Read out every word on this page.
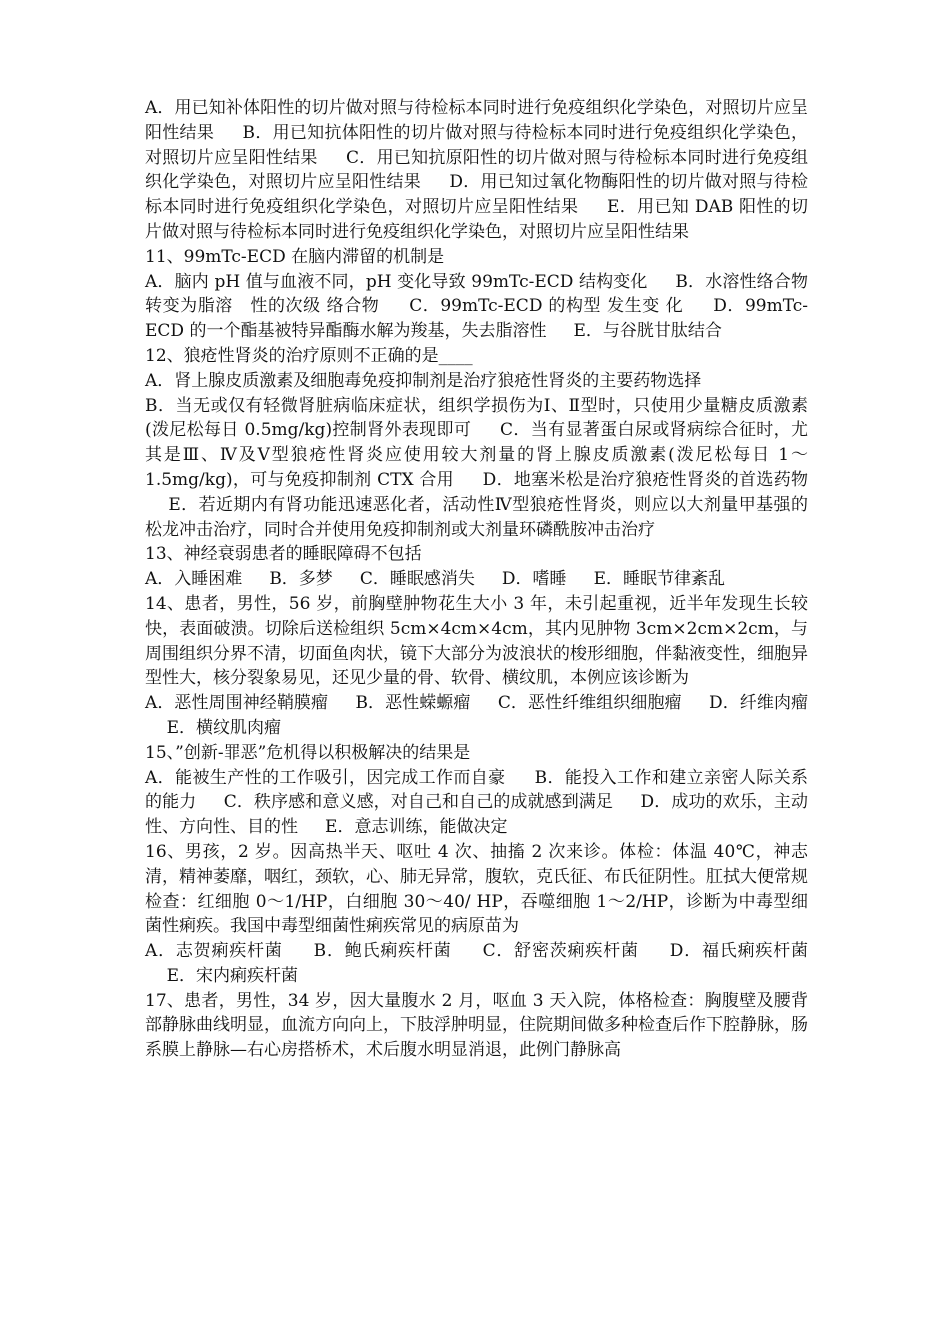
A．用已知补体阳性的切片做对照与待检标本同时进行免疫组织化学染色，对照切片应呈阳性结果 B．用已知抗体阳性的切片做对照与待检标本同时进行免疫组织化学染色，对照切片应呈阳性结果 C．用已知抗原阳性的切片做对照与待检标本同时进行免疫组织化学染色，对照切片应呈阳性结果 D．用已知过氧化物酶阳性的切片做对照与待检标本同时进行免疫组织化学染色，对照切片应呈阳性结果 E．用已知 DAB 阳性的切片做对照与待检标本同时进行免疫组织化学染色，对照切片应呈阳性结果

11、99mTc-ECD 在脑内滞留的机制是

A．脑内 pH 值与血液不同，pH 变化导致 99mTc-ECD 结构变化 B．水溶性络合物转变为脂溶　性的次级 络合物 C．99mTc-ECD 的构型 发生变 化 D．99mTc-ECD 的一个酯基被特异酯酶水解为羧基，失去脂溶性 E．与谷胱甘肽结合

12、狼疮性肾炎的治疗原则不正确的是____

A．肾上腺皮质激素及细胞毒免疫抑制剂是治疗狼疮性肾炎的主要药物选择

B．当无或仅有轻微肾脏病临床症状，组织学损伤为Ⅰ、Ⅱ型时，只使用少量糖皮质激素(泼尼松每日 0.5mg/kg)控制肾外表现即可 C．当有显著蛋白尿或肾病综合征时，尤其是Ⅲ、Ⅳ及Ⅴ型狼疮性肾炎应使用较大剂量的肾上腺皮质激素(泼尼松每日 1～1.5mg/kg)，可与免疫抑制剂 CTX 合用 D．地塞米松是治疗狼疮性肾炎的首选药物 E．若近期内有肾功能迅速恶化者，活动性Ⅳ型狼疮性肾炎，则应以大剂量甲基强的松龙冲击治疗，同时合并使用免疫抑制剂或大剂量环磷酰胺冲击治疗

13、神经衰弱患者的睡眠障碍不包括

A．入睡困难 B．多梦 C．睡眠感消失 D．嗜睡 E．睡眠节律紊乱

14、患者，男性，56 岁，前胸壁肿物花生大小 3 年，未引起重视，近半年发现生长较快，表面破溃。切除后送检组织 5cm×4cm×4cm，其内见肿物 3cm×2cm×2cm，与周围组织分界不清，切面鱼肉状，镜下大部分为波浪状的梭形细胞，伴黏液变性，细胞异型性大，核分裂象易见，还见少量的骨、软骨、横纹肌，本例应该诊断为

A．恶性周围神经鞘膜瘤 B．恶性蝾螈瘤 C．恶性纤维组织细胞瘤 D．纤维肉瘤 E．横纹肌肉瘤

15、”创新-罪恶”危机得以积极解决的结果是

A．能被生产性的工作吸引，因完成工作而自豪 B．能投入工作和建立亲密人际关系的能力 C．秩序感和意义感，对自己和自己的成就感到满足 D．成功的欢乐，主动性、方向性、目的性 E．意志训练，能做决定

16、男孩，2 岁。因高热半天、呕吐 4 次、抽搐 2 次来诊。体检：体温 40℃，神志清，精神萎靡，咽红，颈软，心、肺无异常，腹软，克氏征、布氏征阴性。肛拭大便常规检查：红细胞 0～1/HP，白细胞 30～40/ HP，吞噬细胞 1～2/HP，诊断为中毒型细菌性痢疾。我国中毒型细菌性痢疾常见的病原苗为

A．志贺痢疾杆菌 B．鲍氏痢疾杆菌 C．舒密茨痢疾杆菌 D．福氏痢疾杆菌 E．宋内痢疾杆菌

17、患者，男性，34 岁，因大量腹水 2 月，呕血 3 天入院，体格检查：胸腹壁及腰背部静脉曲线明显，血流方向向上，下肢浮肿明显，住院期间做多种检查后作下腔静脉，肠系膜上静脉—右心房搭桥术，术后腹水明显消退，此例门静脉高
